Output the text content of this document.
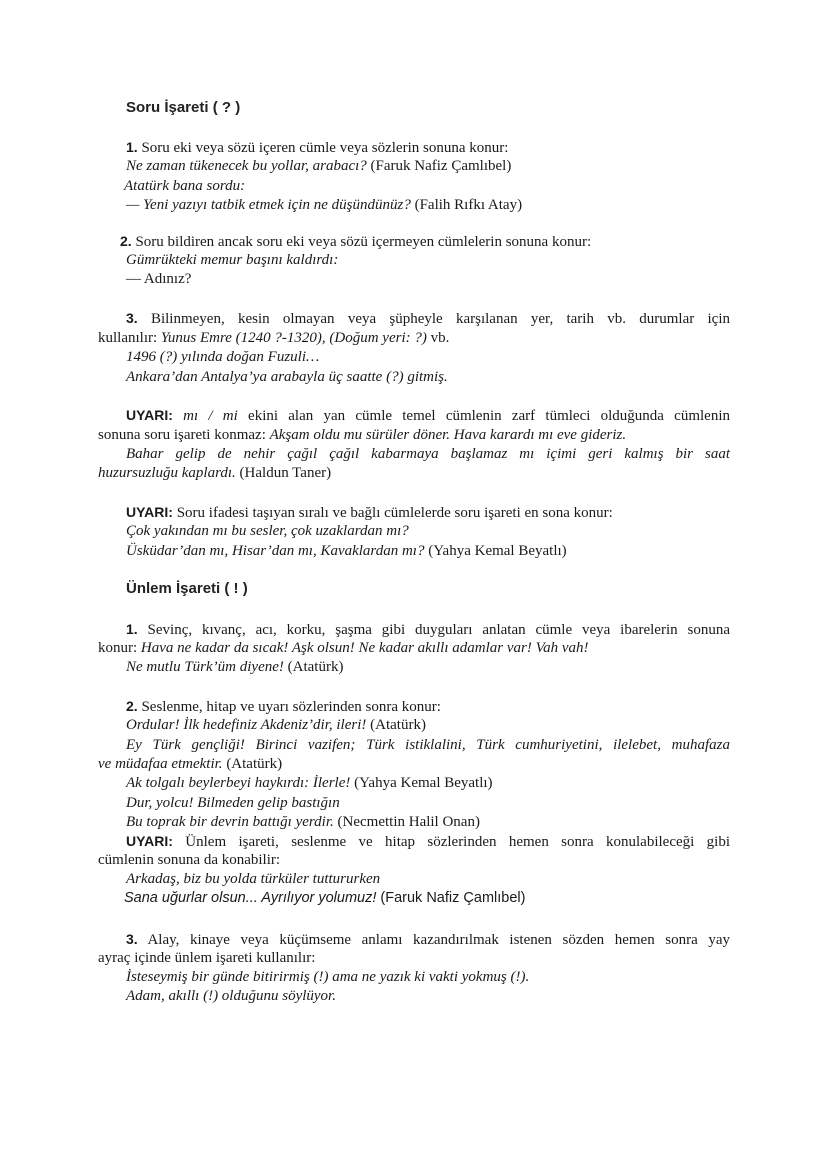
Soru İşareti ( ? )
1. Soru eki veya sözü içeren cümle veya sözlerin sonuna konur:
Ne zaman tükenecek bu yollar, arabacı? (Faruk Nafiz Çamlıbel)
Atatürk bana sordu:
— Yeni yazıyı tatbik etmek için ne düşündünüz? (Falih Rıfkı Atay)
2. Soru bildiren ancak soru eki veya sözü içermeyen cümlelerin sonuna konur:
Gümrükteki memur başını kaldırdı:
— Adınız?
3. Bilinmeyen, kesin olmayan veya şüpheyle karşılanan yer, tarih vb. durumlar için
kullanılır: Yunus Emre (1240 ?-1320), (Doğum yeri: ?) vb.
1496 (?) yılında doğan Fuzuli…
Ankara’dan Antalya’ya arabayla üç saatte (?) gitmiş.
UYARI: mı / mi ekini alan yan cümle temel cümlenin zarf tümleci olduğunda cümlenin
sonuna soru işareti konmaz: Akşam oldu mu sürüler döner. Hava karardı mı eve gideriz.
Bahar gelip de nehir çağıl çağıl kabarmaya başlamaz mı içimi geri kalmış bir saat
huzursuzluğu kaplardı. (Haldun Taner)
UYARI: Soru ifadesi taşıyan sıralı ve bağlı cümlelerde soru işareti en sona konur:
Çok yakından mı bu sesler, çok uzaklardan mı?
Üsküdar’dan mı, Hisar’dan mı, Kavaklardan mı? (Yahya Kemal Beyatlı)
Ünlem İşareti ( ! )
1. Sevinç, kıvanç, acı, korku, şaşma gibi duyguları anlatan cümle veya ibarelerin sonuna
konur: Hava ne kadar da sıcak! Aşk olsun! Ne kadar akıllı adamlar var! Vah vah!
Ne mutlu Türk’üm diyene! (Atatürk)
2. Seslenme, hitap ve uyarı sözlerinden sonra konur:
Ordular! İlk hedefiniz Akdeniz’dir, ileri! (Atatürk)
Ey Türk gençliği! Birinci vazifen; Türk istiklalini, Türk cumhuriyetini, ilelebet, muhafaza
ve müdafaa etmektir. (Atatürk)
Ak tolgalı beylerbeyi haykırdı: İlerle! (Yahya Kemal Beyatlı)
Dur, yolcu! Bilmeden gelip bastığın
Bu toprak bir devrin battığı yerdir. (Necmettin Halil Onan)
UYARI: Ünlem işareti, seslenme ve hitap sözlerinden hemen sonra konulabileceği gibi
cümlenin sonuna da konabilir:
Arkadaş, biz bu yolda türküler tuttururken
Sana uğurlar olsun... Ayrılıyor yolumuz! (Faruk Nafiz Çamlıbel)
3. Alay, kinaye veya küçümseme anlamı kazandırılmak istenen sözden hemen sonra yay
ayraç içinde ünlem işareti kullanılır:
İsteseymiş bir günde bitirirmiş (!) ama ne yazık ki vakti yokmuş (!).
Adam, akıllı (!) olduğunu söylüyor.
